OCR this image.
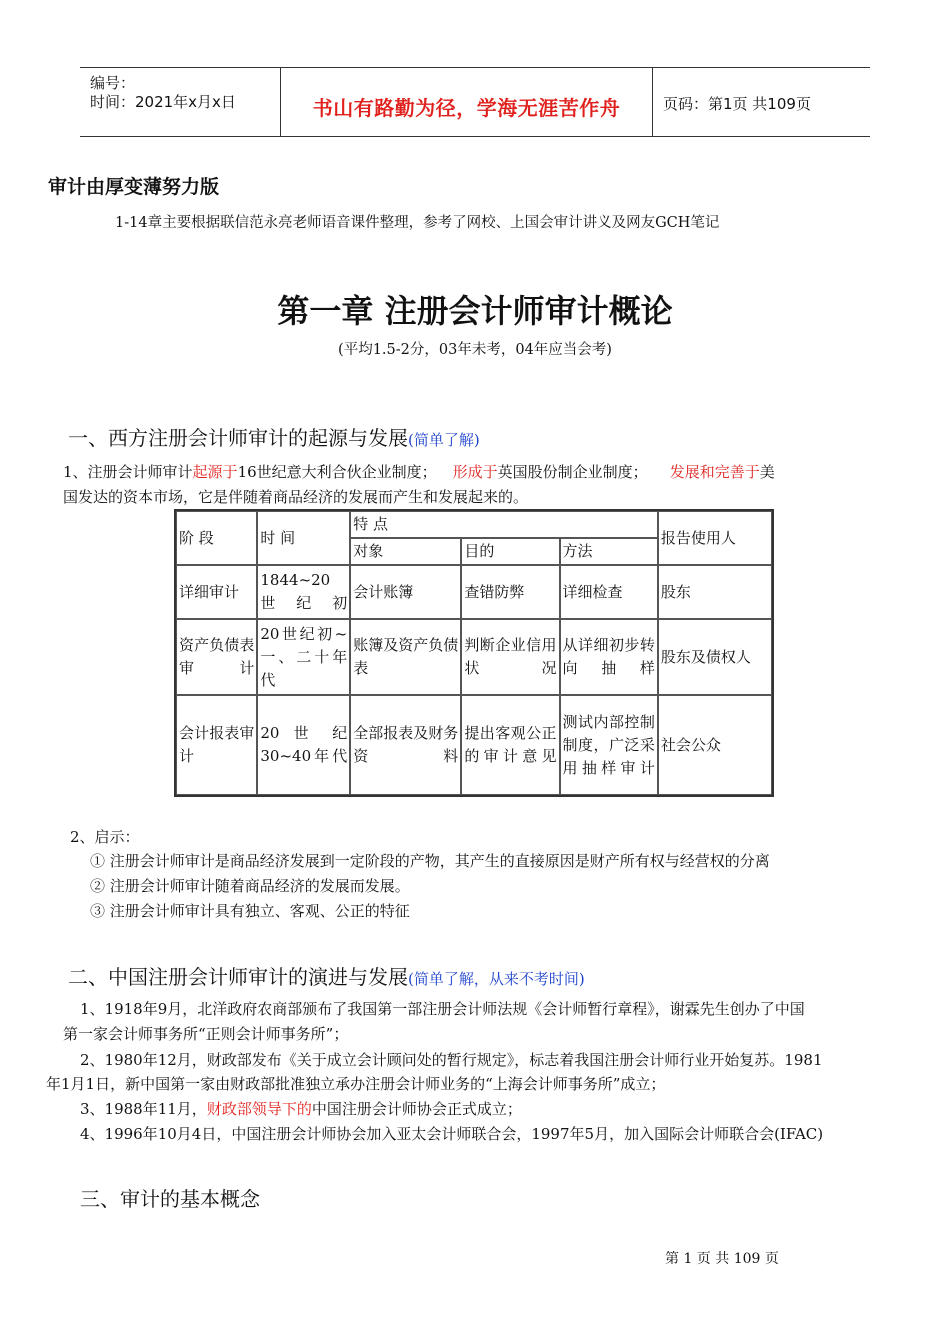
编号：
时间：2021年x月x日	书山有路勤为径，学海无涯苦作舟	页码：第1页 共109页
审计由厚变薄努力版
1-14章主要根据联信范永亮老师语音课件整理，参考了网校、上国会审计讲义及网友GCH笔记
第一章 注册会计师审计概论
(平均1.5-2分，03年未考，04年应当会考)
一、西方注册会计师审计的起源与发展(简单了解)
1、注册会计师审计起源于16世纪意大利合伙企业制度； 形成于英国股份制企业制度； 发展和完善于美
国发达的资本市场，它是伴随着商品经济的发展而产生和发展起来的。
阶 段	时 间	特 点			报告使用人
		对象	目的	方法	
详细审计	1844~20 世纪初	会计账簿	查错防弊	详细检查	股东
资产负债表审计	20世纪初~一、二十年代	账簿及资产负债表	判断企业信用状况	从详细初步转向抽样	股东及债权人
会计报表审计	20 世 纪30~40年代	全部报表及财务资料	提出客观公正的审计意见	测试内部控制制度，广泛采用抽样审计	社会公众
2、启示：
① 注册会计师审计是商品经济发展到一定阶段的产物，其产生的直接原因是财产所有权与经营权的分离
② 注册会计师审计随着商品经济的发展而发展。
③ 注册会计师审计具有独立、客观、公正的特征
二、中国注册会计师审计的演进与发展(简单了解，从来不考时间)
1、1918年9月，北洋政府农商部颁布了我国第一部注册会计师法规《会计师暂行章程》，谢霖先生创办了中国
第一家会计师事务所“正则会计师事务所”；
2、1980年12月，财政部发布《关于成立会计顾问处的暂行规定》，标志着我国注册会计师行业开始复苏。1981
年1月1日，新中国第一家由财政部批准独立承办注册会计师业务的“上海会计师事务所”成立；
3、1988年11月，财政部领导下的中国注册会计师协会正式成立；
4、1996年10月4日，中国注册会计师协会加入亚太会计师联合会，1997年5月，加入国际会计师联合会(IFAC)
三、审计的基本概念
第 1 页 共 109 页
